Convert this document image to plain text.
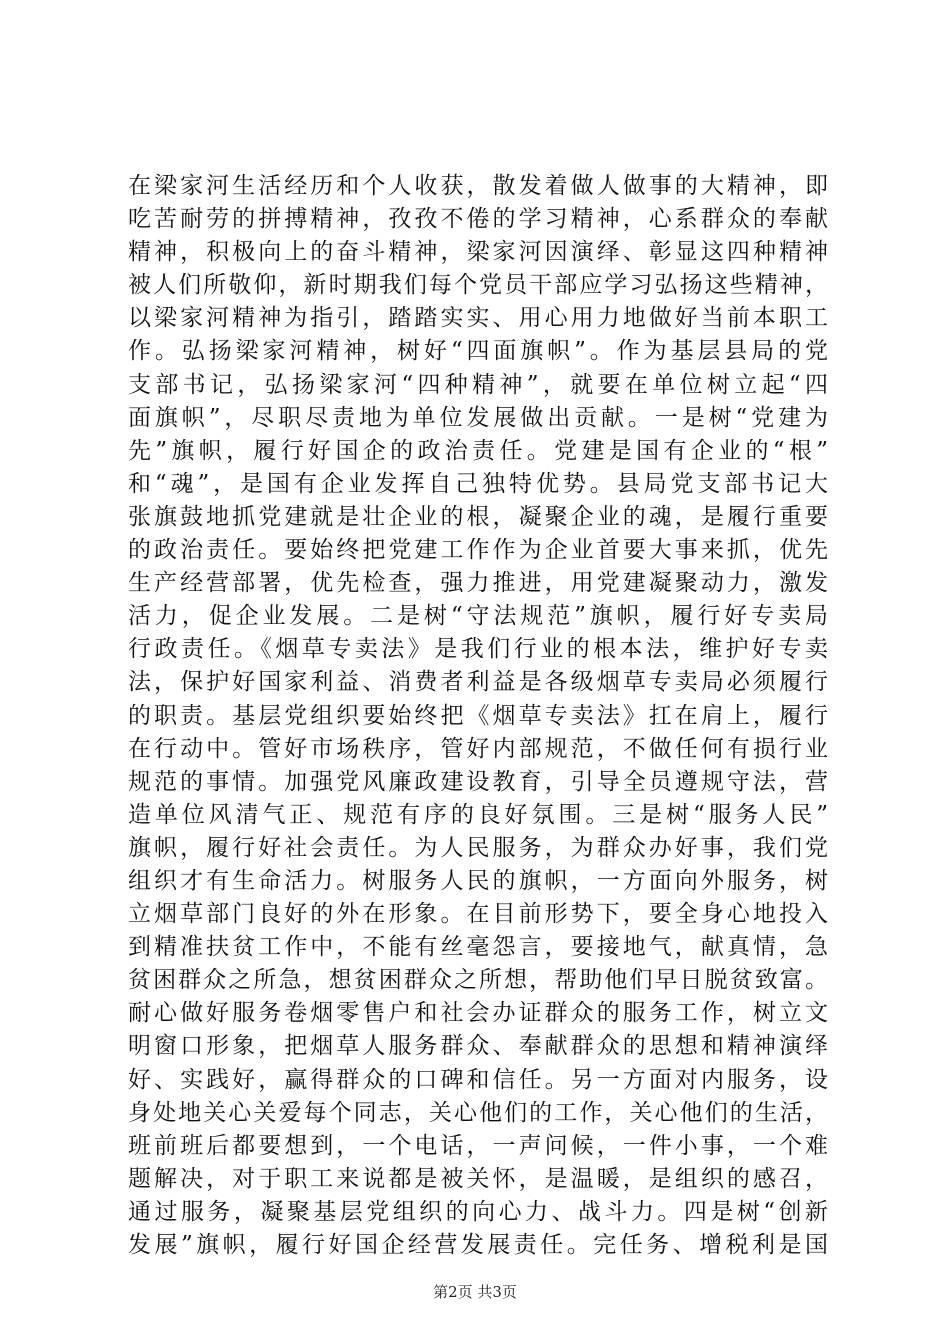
在梁家河生活经历和个人收获，散发着做人做事的大精神，即
吃苦耐劳的拼搏精神，孜孜不倦的学习精神，心系群众的奉献
精神，积极向上的奋斗精神，梁家河因演绎、彰显这四种精神
被人们所敬仰，新时期我们每个党员干部应学习弘扬这些精神，
以梁家河精神为指引，踏踏实实、用心用力地做好当前本职工
作。弘扬梁家河精神，树好“四面旗帜”。作为基层县局的党
支部书记，弘扬梁家河“四种精神”，就要在单位树立起“四
面旗帜”，尽职尽责地为单位发展做出贡献。一是树“党建为
先”旗帜，履行好国企的政治责任。党建是国有企业的“根”
和“魂”，是国有企业发挥自己独特优势。县局党支部书记大
张旗鼓地抓党建就是壮企业的根，凝聚企业的魂，是履行重要
的政治责任。要始终把党建工作作为企业首要大事来抓，优先
生产经营部署，优先检查，强力推进，用党建凝聚动力，激发
活力，促企业发展。二是树“守法规范”旗帜，履行好专卖局
行政责任。《烟草专卖法》是我们行业的根本法，维护好专卖
法，保护好国家利益、消费者利益是各级烟草专卖局必须履行
的职责。基层党组织要始终把《烟草专卖法》扛在肩上，履行
在行动中。管好市场秩序，管好内部规范，不做任何有损行业
规范的事情。加强党风廉政建设教育，引导全员遵规守法，营
造单位风清气正、规范有序的良好氛围。三是树“服务人民”
旗帜，履行好社会责任。为人民服务，为群众办好事，我们党
组织才有生命活力。树服务人民的旗帜，一方面向外服务，树
立烟草部门良好的外在形象。在目前形势下，要全身心地投入
到精准扶贫工作中，不能有丝毫怨言，要接地气，献真情，急
贫困群众之所急，想贫困群众之所想，帮助他们早日脱贫致富。
耐心做好服务卷烟零售户和社会办证群众的服务工作，树立文
明窗口形象，把烟草人服务群众、奉献群众的思想和精神演绎
好、实践好，赢得群众的口碑和信任。另一方面对内服务，设
身处地关心关爱每个同志，关心他们的工作，关心他们的生活，
班前班后都要想到，一个电话，一声问候，一件小事，一个难
题解决，对于职工来说都是被关怀，是温暖，是组织的感召，
通过服务，凝聚基层党组织的向心力、战斗力。四是树“创新
发展”旗帜，履行好国企经营发展责任。完任务、增税利是国
第2页 共3页
